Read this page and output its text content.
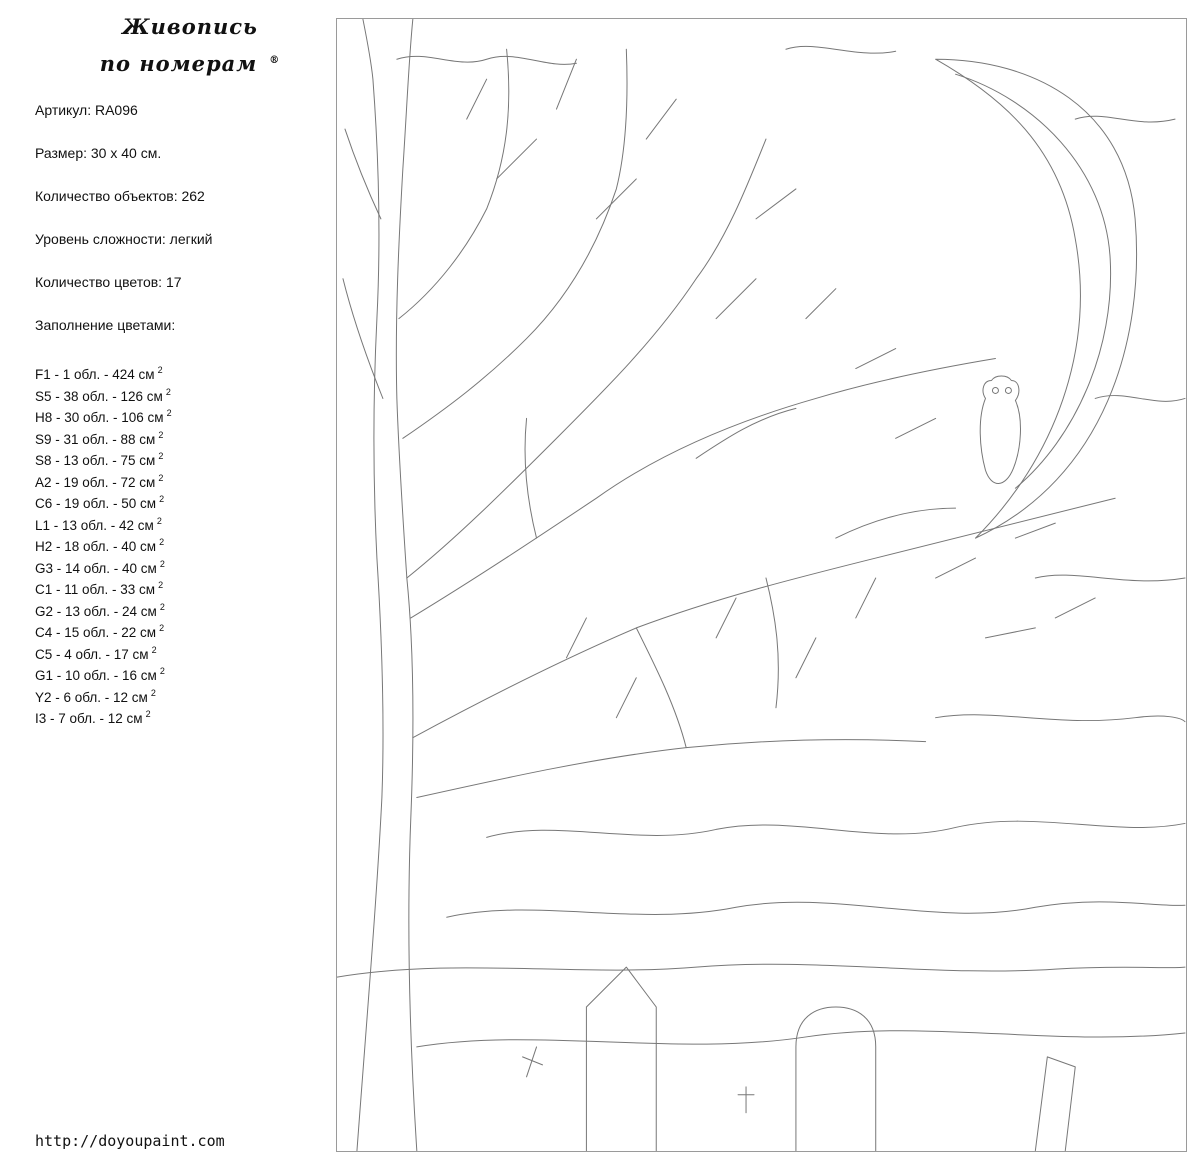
Живопись
по номерам ®
Артикул: RA096
Размер: 30 х 40 см.
Количество объектов: 262
Уровень сложности: легкий
Количество цветов: 17
Заполнение цветами:
F1 - 1 обл. - 424 см $^2$
S5 - 38 обл. - 126 см $^2$
H8 - 30 обл. - 106 см $^2$
S9 - 31 обл. - 88 см $^2$
S8 - 13 обл. - 75 см $^2$
A2 - 19 обл. - 72 см $^2$
C6 - 19 обл. - 50 см $^2$
L1 - 13 обл. - 42 см $^2$
H2 - 18 обл. - 40 см $^2$
G3 - 14 обл. - 40 см $^2$
C1 - 11 обл. - 33 см $^2$
G2 - 13 обл. - 24 см $^2$
C4 - 15 обл. - 22 см $^2$
C5 - 4 обл. - 17 см $^2$
G1 - 10 обл. - 16 см $^2$
Y2 - 6 обл. - 12 см $^2$
I3 - 7 обл. - 12 см $^2$
http://doyoupaint.com
